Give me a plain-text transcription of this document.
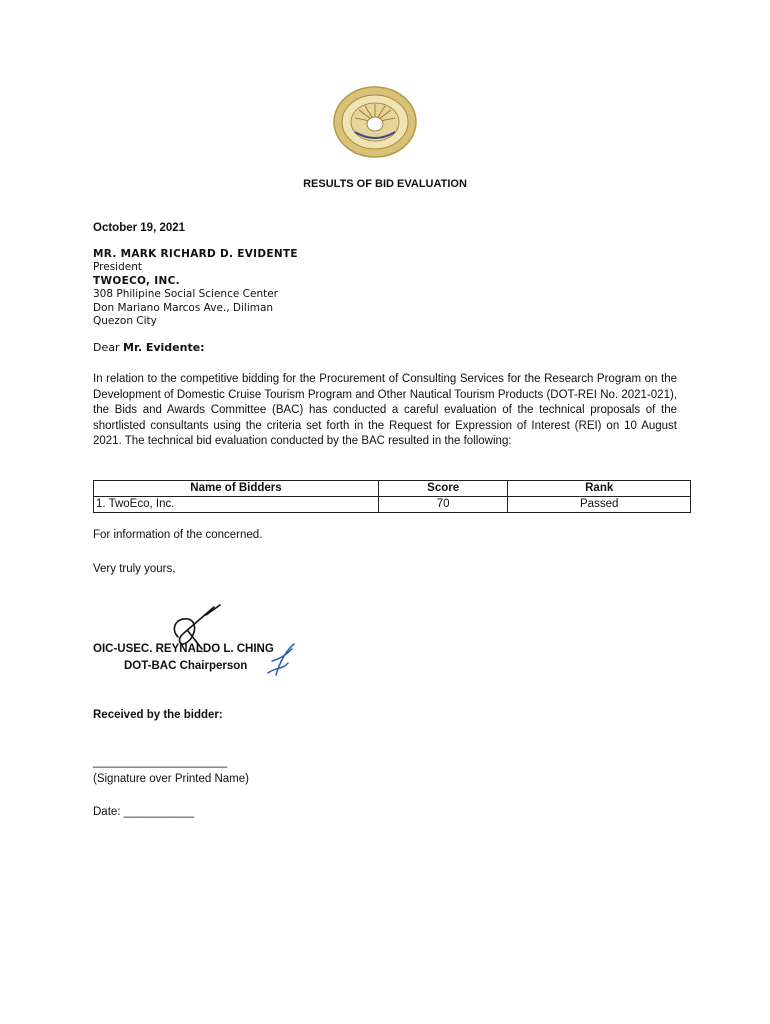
RESULTS OF BID EVALUATION
October 19, 2021
MR. MARK RICHARD D. EVIDENTE
President
TWOECO, INC.
308 Philipine Social Science Center
Don Mariano Marcos Ave., Diliman
Quezon City
Dear Mr. Evidente:
In relation to the competitive bidding for the Procurement of Consulting Services for the Research Program on the Development of Domestic Cruise Tourism Program and Other Nautical Tourism Products (DOT-REI No. 2021-021), the Bids and Awards Committee (BAC) has conducted a careful evaluation of the technical proposals of the shortlisted consultants using the criteria set forth in the Request for Expression of Interest (REI) on 10 August 2021. The technical bid evaluation conducted by the BAC resulted in the following:
Name of Bidders	Score	Rank
1. TwoEco, Inc.	70	Passed
For information of the concerned.
Very truly yours,
OIC-USEC. REYNALDO L. CHING
DOT-BAC Chairperson
Received by the bidder:
_____________________
(Signature over Printed Name)
Date: ___________
